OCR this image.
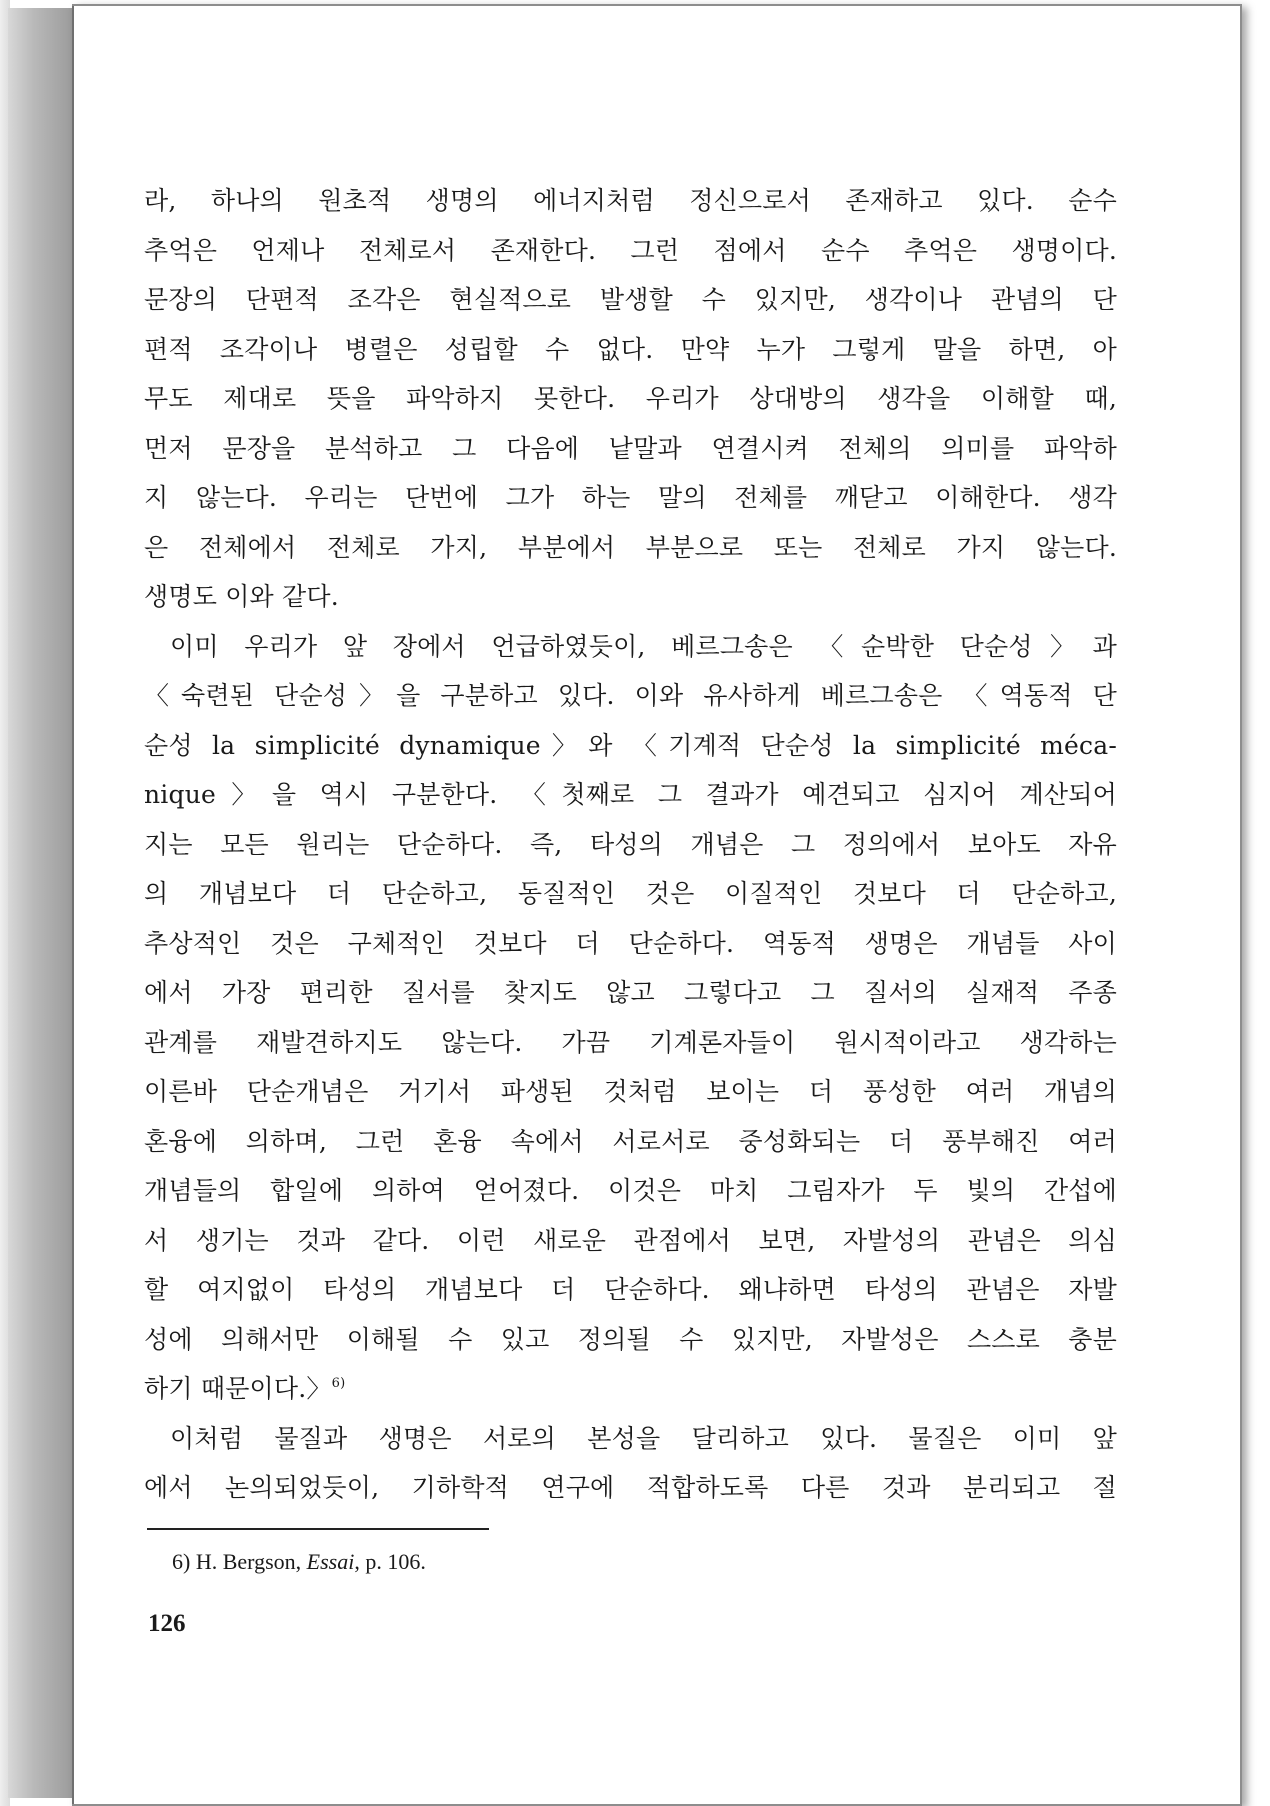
라, 하나의 원초적 생명의 에너지처럼 정신으로서 존재하고 있다. 순수
추억은 언제나 전체로서 존재한다. 그런 점에서 순수 추억은 생명이다.
문장의 단편적 조각은 현실적으로 발생할 수 있지만, 생각이나 관념의 단
편적 조각이나 병렬은 성립할 수 없다. 만약 누가 그렇게 말을 하면, 아
무도 제대로 뜻을 파악하지 못한다. 우리가 상대방의 생각을 이해할 때,
먼저 문장을 분석하고 그 다음에 낱말과 연결시켜 전체의 의미를 파악하
지 않는다. 우리는 단번에 그가 하는 말의 전체를 깨닫고 이해한다. 생각
은 전체에서 전체로 가지, 부분에서 부분으로 또는 전체로 가지 않는다.
생명도 이와 같다.
이미 우리가 앞 장에서 언급하였듯이, 베르그송은 〈순박한 단순성〉과
〈숙련된 단순성〉을 구분하고 있다. 이와 유사하게 베르그송은 〈역동적 단
순성 la simplicité dynamique〉와 〈기계적 단순성 la simplicité méca-
nique〉을 역시 구분한다. 〈첫째로 그 결과가 예견되고 심지어 계산되어
지는 모든 원리는 단순하다. 즉, 타성의 개념은 그 정의에서 보아도 자유
의 개념보다 더 단순하고, 동질적인 것은 이질적인 것보다 더 단순하고,
추상적인 것은 구체적인 것보다 더 단순하다. 역동적 생명은 개념들 사이
에서 가장 편리한 질서를 찾지도 않고 그렇다고 그 질서의 실재적 주종
관계를 재발견하지도 않는다. 가끔 기계론자들이 원시적이라고 생각하는
이른바 단순개념은 거기서 파생된 것처럼 보이는 더 풍성한 여러 개념의
혼융에 의하며, 그런 혼융 속에서 서로서로 중성화되는 더 풍부해진 여러
개념들의 합일에 의하여 얻어졌다. 이것은 마치 그림자가 두 빛의 간섭에
서 생기는 것과 같다. 이런 새로운 관점에서 보면, 자발성의 관념은 의심
할 여지없이 타성의 개념보다 더 단순하다. 왜냐하면 타성의 관념은 자발
성에 의해서만 이해될 수 있고 정의될 수 있지만, 자발성은 스스로 충분
하기 때문이다.〉$^{6)}$
이처럼 물질과 생명은 서로의 본성을 달리하고 있다. 물질은 이미 앞
에서 논의되었듯이, 기하학적 연구에 적합하도록 다른 것과 분리되고 절
6) H. Bergson, Essai, p. 106.
126
